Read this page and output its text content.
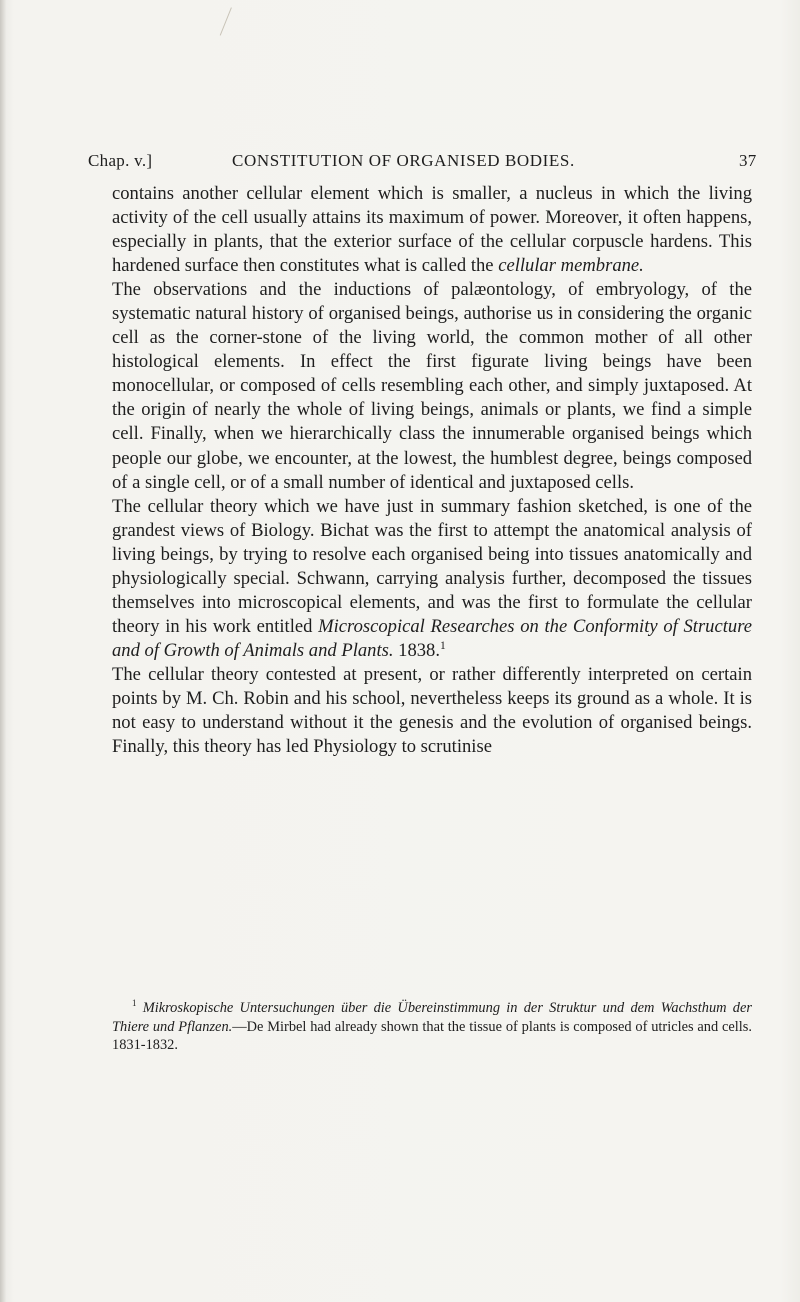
Chap. v.]	CONSTITUTION OF ORGANISED BODIES.	37

contains another cellular element which is smaller, a nucleus in which the living activity of the cell usually attains its maximum of power. Moreover, it often happens, especially in plants, that the exterior surface of the cellular corpuscle hardens. This hardened surface then constitutes what is called the cellular membrane.

The observations and the inductions of palæontology, of embryology, of the systematic natural history of organised beings, authorise us in considering the organic cell as the corner-stone of the living world, the common mother of all other histological elements. In effect the first figurate living beings have been monocellular, or composed of cells resembling each other, and simply juxtaposed. At the origin of nearly the whole of living beings, animals or plants, we find a simple cell. Finally, when we hierarchically class the innumerable organised beings which people our globe, we encounter, at the lowest, the humblest degree, beings composed of a single cell, or of a small number of identical and juxtaposed cells.

The cellular theory which we have just in summary fashion sketched, is one of the grandest views of Biology. Bichat was the first to attempt the anatomical analysis of living beings, by trying to resolve each organised being into tissues anatomically and physiologically special. Schwann, carrying analysis further, decomposed the tissues themselves into microscopical elements, and was the first to formulate the cellular theory in his work entitled Microscopical Researches on the Conformity of Structure and of Growth of Animals and Plants. 1838.$^1$

The cellular theory contested at present, or rather differently interpreted on certain points by M. Ch. Robin and his school, nevertheless keeps its ground as a whole. It is not easy to understand without it the genesis and the evolution of organised beings. Finally, this theory has led Physiology to scrutinise

$^1$ Mikroskopische Untersuchungen über die Übereinstimmung in der Struktur und dem Wachsthum der Thiere und Pflanzen.—De Mirbel had already shown that the tissue of plants is composed of utricles and cells. 1831-1832.
